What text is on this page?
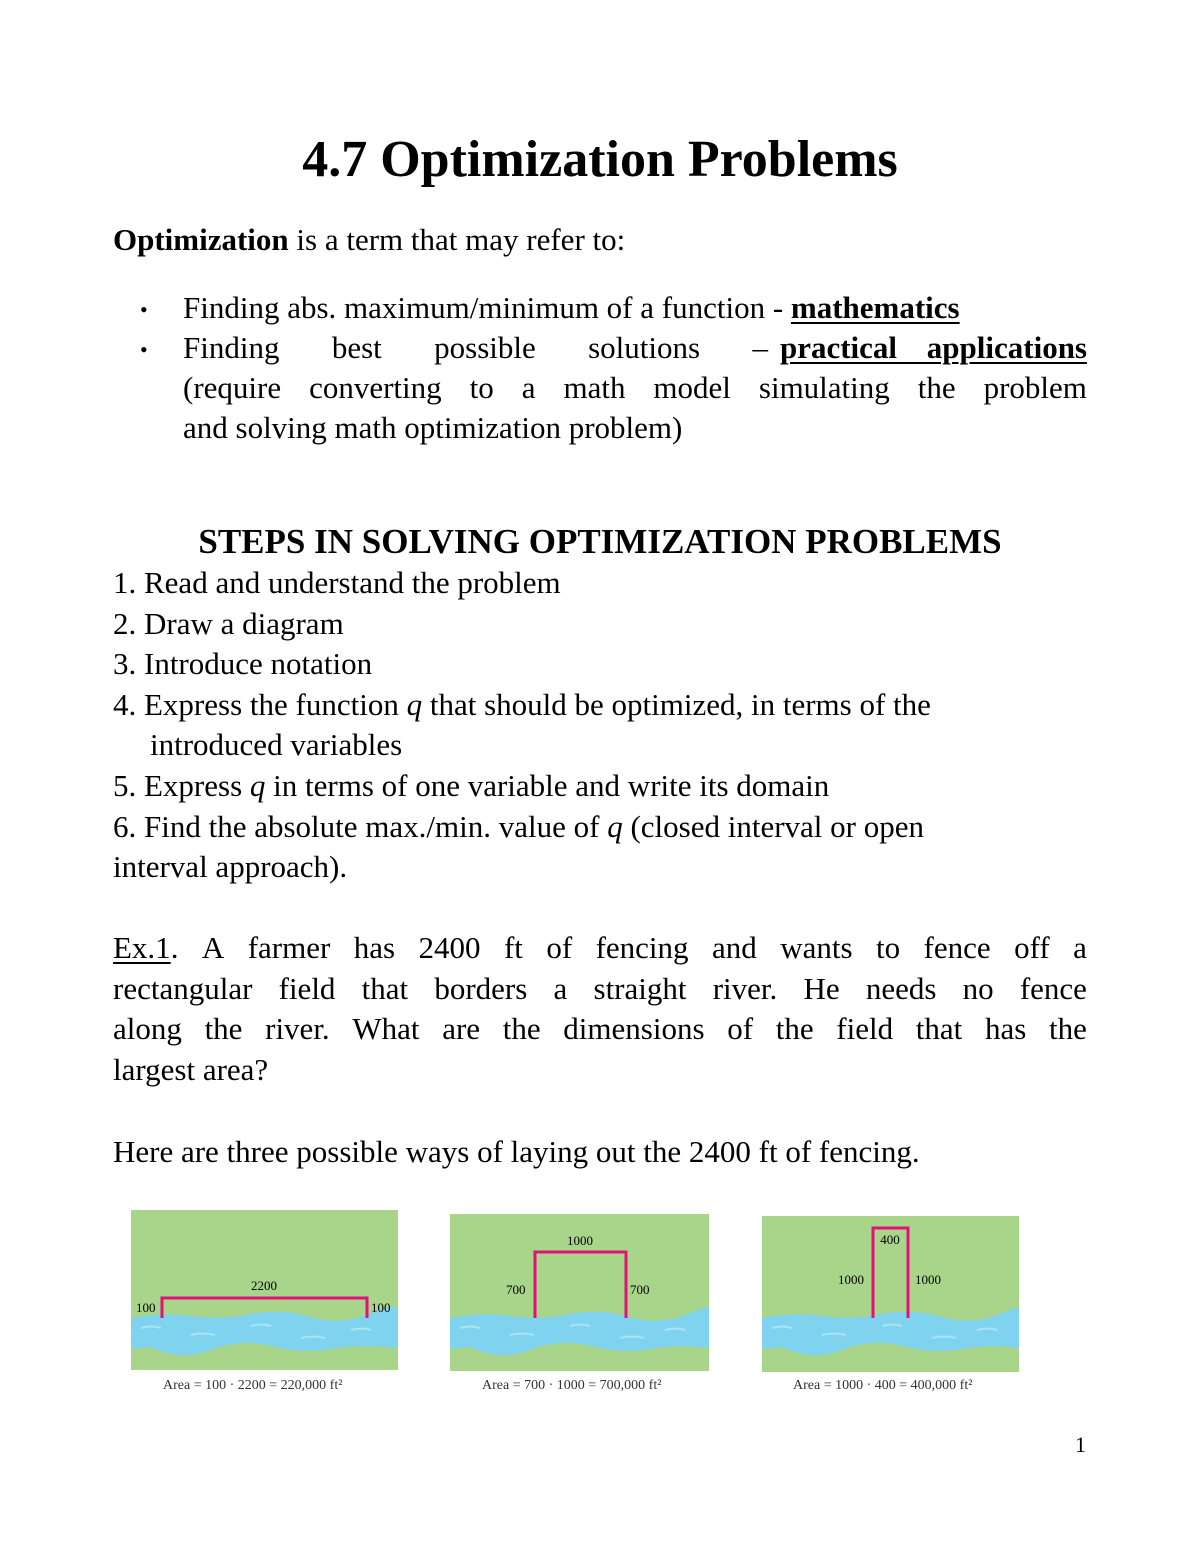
4.7 Optimization Problems
Optimization is a term that may refer to:
• Finding abs. maximum/minimum of a function - mathematics
• Finding best possible solutions – practical applications
(require converting to a math model simulating the problem
and solving math optimization problem)
STEPS IN SOLVING OPTIMIZATION PROBLEMS
1. Read and understand the problem
2. Draw a diagram
3. Introduce notation
4. Express the function q that should be optimized, in terms of the
introduced variables
5. Express q in terms of one variable and write its domain
6. Find the absolute max./min. value of q (closed interval or open
interval approach).
Ex.1. A farmer has 2400 ft of fencing and wants to fence off a
rectangular field that borders a straight river. He needs no fence
along the river. What are the dimensions of the field that has the
largest area?
Here are three possible ways of laying out the 2400 ft of fencing.
2200
100	100
Area = 100 · 2200 = 220,000 ft²
1000
700	700
Area = 700 · 1000 = 700,000 ft²
400
1000	1000
Area = 1000 · 400 = 400,000 ft²
1
